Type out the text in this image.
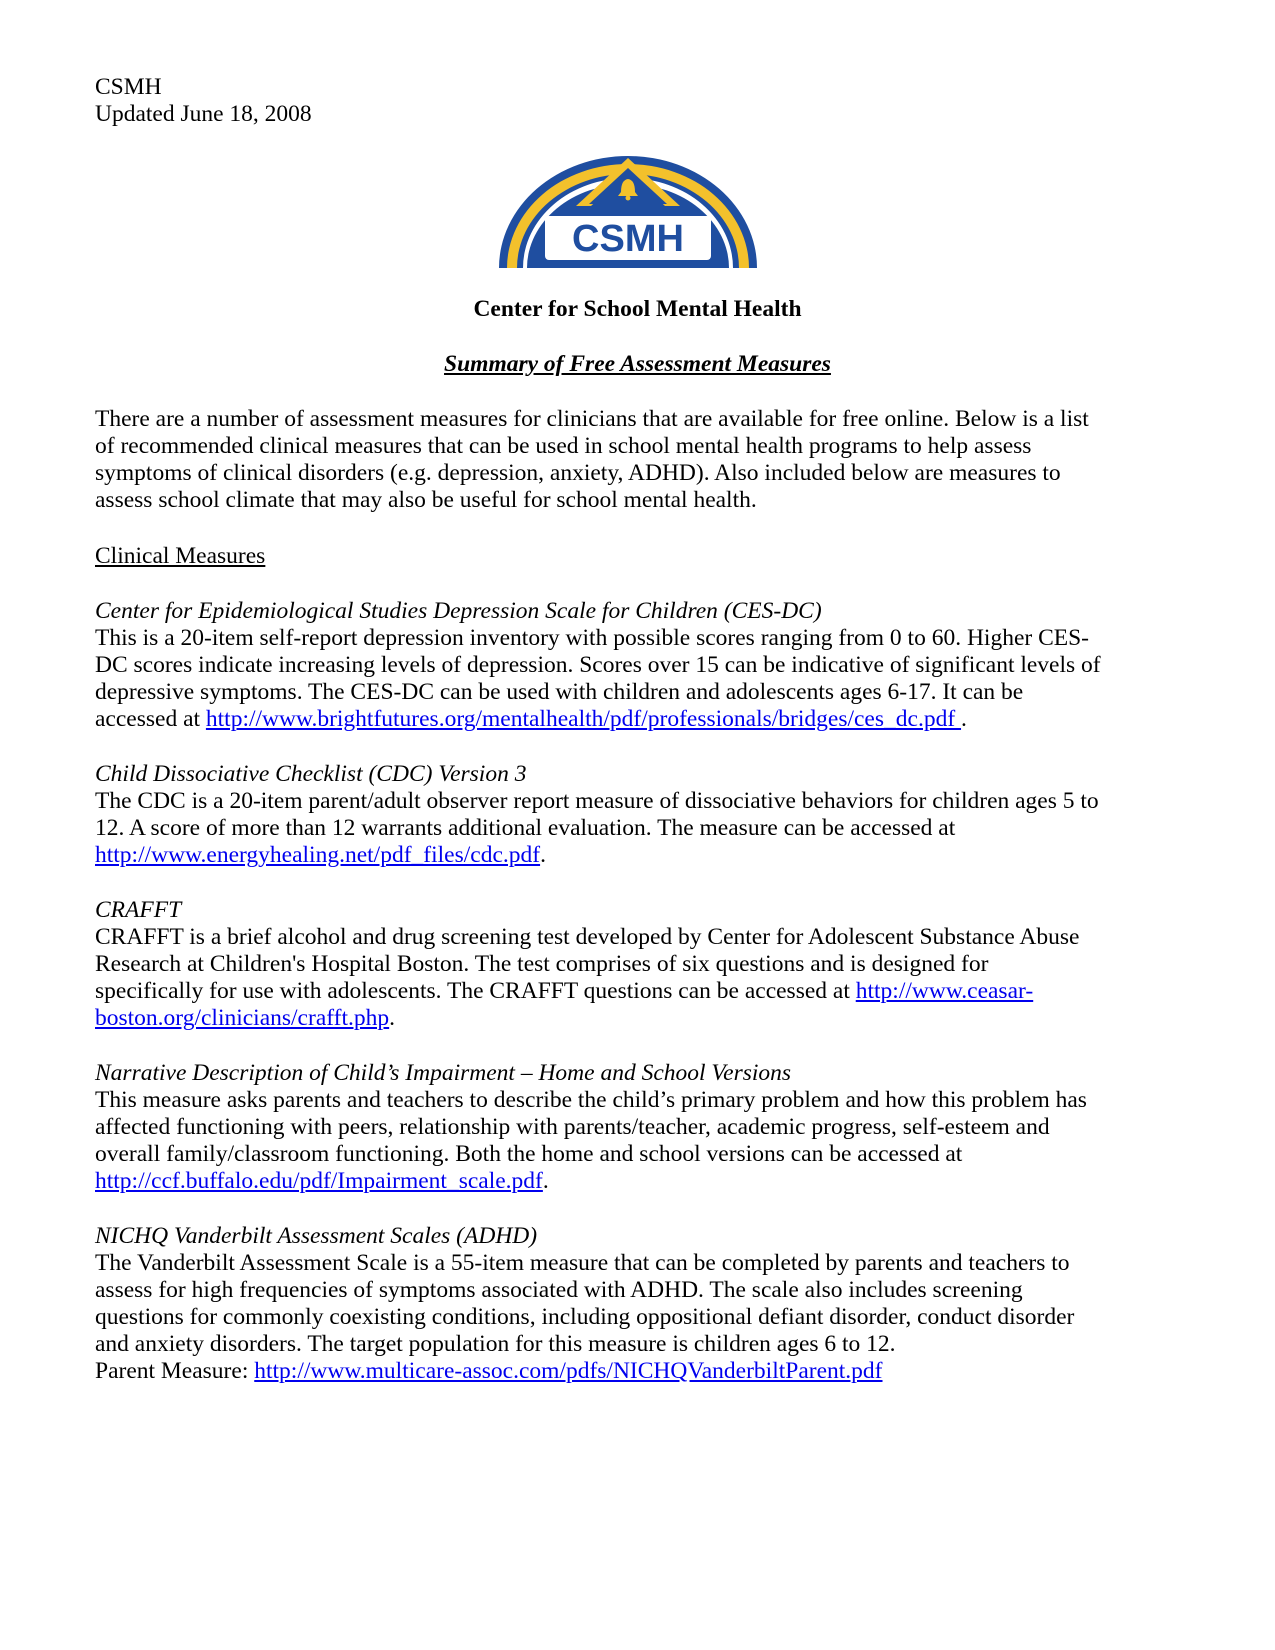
CSMH
Updated June 18, 2008
CSMH
Center for School Mental Health
Summary of Free Assessment Measures
There are a number of assessment measures for clinicians that are available for free online. Below is a list
of recommended clinical measures that can be used in school mental health programs to help assess
symptoms of clinical disorders (e.g. depression, anxiety, ADHD). Also included below are measures to
assess school climate that may also be useful for school mental health.
Clinical Measures
Center for Epidemiological Studies Depression Scale for Children (CES-DC)
This is a 20-item self-report depression inventory with possible scores ranging from 0 to 60. Higher CES-
DC scores indicate increasing levels of depression. Scores over 15 can be indicative of significant levels of
depressive symptoms. The CES-DC can be used with children and adolescents ages 6-17. It can be
accessed at http://www.brightfutures.org/mentalhealth/pdf/professionals/bridges/ces_dc.pdf .
Child Dissociative Checklist (CDC) Version 3
The CDC is a 20-item parent/adult observer report measure of dissociative behaviors for children ages 5 to
12. A score of more than 12 warrants additional evaluation. The measure can be accessed at
http://www.energyhealing.net/pdf_files/cdc.pdf.
CRAFFT
CRAFFT is a brief alcohol and drug screening test developed by Center for Adolescent Substance Abuse
Research at Children's Hospital Boston. The test comprises of six questions and is designed for
specifically for use with adolescents. The CRAFFT questions can be accessed at http://www.ceasar-
boston.org/clinicians/crafft.php.
Narrative Description of Child’s Impairment – Home and School Versions
This measure asks parents and teachers to describe the child’s primary problem and how this problem has
affected functioning with peers, relationship with parents/teacher, academic progress, self-esteem and
overall family/classroom functioning. Both the home and school versions can be accessed at
http://ccf.buffalo.edu/pdf/Impairment_scale.pdf.
NICHQ Vanderbilt Assessment Scales (ADHD)
The Vanderbilt Assessment Scale is a 55-item measure that can be completed by parents and teachers to
assess for high frequencies of symptoms associated with ADHD. The scale also includes screening
questions for commonly coexisting conditions, including oppositional defiant disorder, conduct disorder
and anxiety disorders. The target population for this measure is children ages 6 to 12.
Parent Measure: http://www.multicare-assoc.com/pdfs/NICHQVanderbiltParent.pdf
